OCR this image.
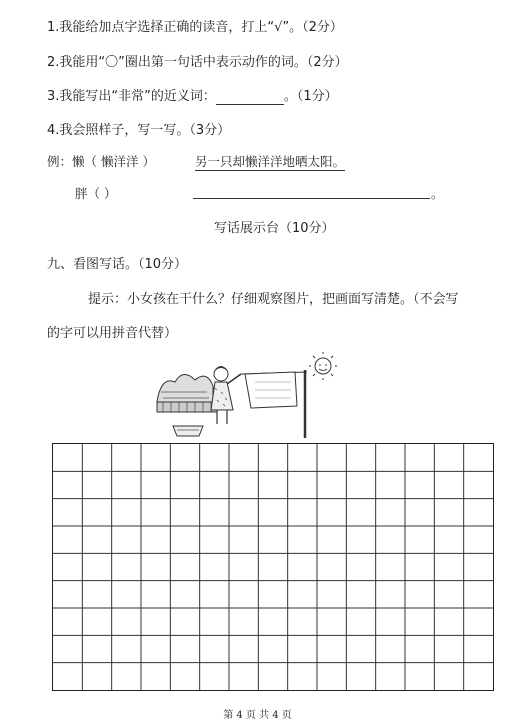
1.我能给加点字选择正确的读音，打上“√”。（2分）
2.我能用“〇”圈出第一句话中表示动作的词。（2分）
3.我能写出“非常”的近义词：	。（1分）
4.我会照样子，写一写。（3分）
例：懒（ 懒洋洋 ）	另一只却懒洋洋地晒太阳。
胖（ ）	。
写话展示台（10分）
九、看图写话。（10分）
提示：小女孩在干什么？仔细观察图片，把画面写清楚。（不会写
的字可以用拼音代替）
第 4 页 共 4 页
